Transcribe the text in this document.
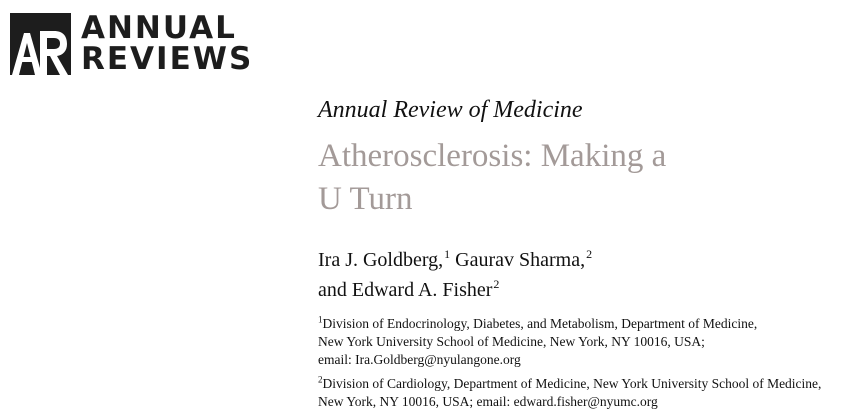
ANNUAL
REVIEWS

Annual Review of Medicine

Atherosclerosis: Making a
U Turn
Ira J. Goldberg,$^1$ Gaurav Sharma,$^2$
and Edward A. Fisher$^2$
$^1$Division of Endocrinology, Diabetes, and Metabolism, Department of Medicine,
New York University School of Medicine, New York, NY 10016, USA;
email: Ira.Goldberg@nyulangone.org
$^2$Division of Cardiology, Department of Medicine, New York University School of Medicine,
New York, NY 10016, USA; email: edward.fisher@nyumc.org
